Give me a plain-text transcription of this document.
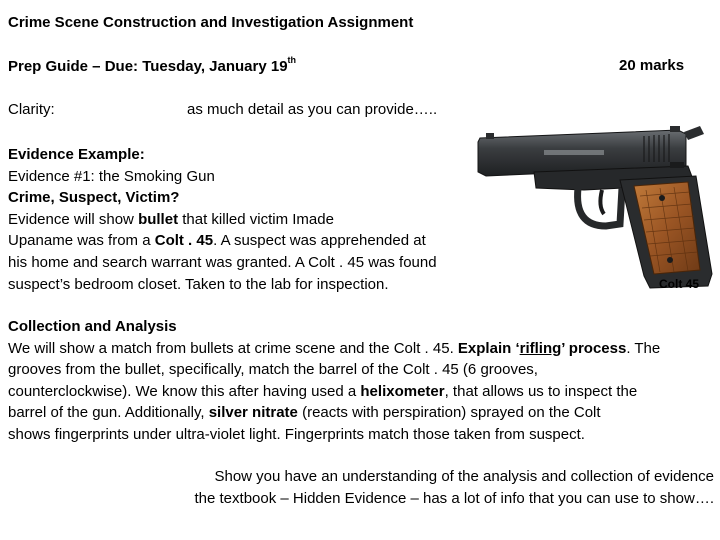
Crime Scene Construction and Investigation Assignment
Prep Guide – Due: Tuesday, January 19th	20 marks
Clarity:	as much detail as you can provide…..
Evidence Example:
Evidence #1: the Smoking Gun
Crime, Suspect, Victim?
Evidence will show bullet that killed victim Imade
Upaname was from a Colt . 45. A suspect was apprehended at
his home and search warrant was granted. A Colt . 45 was found
suspect’s bedroom closet. Taken to the lab for inspection.	Colt 45
Collection and Analysis
We will show a match from bullets at crime scene and the Colt . 45. Explain ‘rifling’ process. The
grooves from the bullet, specifically, match the barrel of the Colt . 45 (6 grooves,
counterclockwise). We know this after having used a helixometer, that allows us to inspect the
barrel of the gun. Additionally, silver nitrate (reacts with perspiration) sprayed on the Colt
shows fingerprints under ultra-violet light. Fingerprints match those taken from suspect.
Show you have an understanding of the analysis and collection of evidence
the textbook – Hidden Evidence – has a lot of info that you can use to show….
